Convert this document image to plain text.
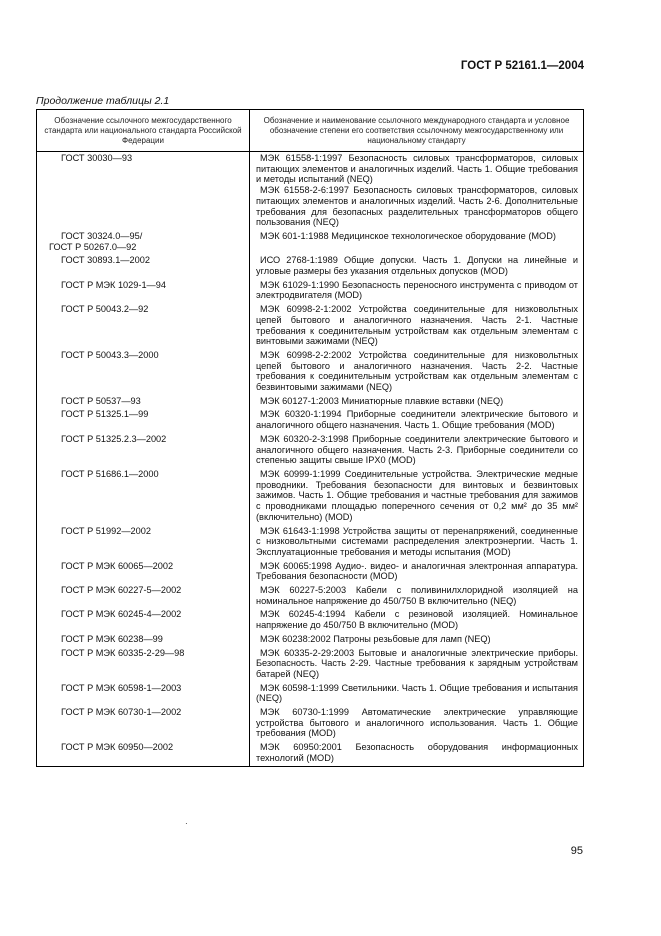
ГОСТ Р 52161.1—2004
Продолжение таблицы 2.1
Обозначение ссылочного межгосударственного стандарта или национального стандарта Российской Федерации	Обозначение и наименование ссылочного международного стандарта и условное обозначение степени его соответствия ссылочному межгосударственному или национальному стандарту

ГОСТ 30030—93	МЭК 61558-1:1997 Безопасность силовых трансформаторов, силовых питающих элементов и аналогичных изделий. Часть 1. Общие требования и методы испытаний (NEQ)
МЭК 61558-2-6:1997 Безопасность силовых трансформаторов, силовых питающих элементов и аналогичных изделий. Часть 2-6. Дополнительные требования для безопасных разделительных трансформаторов общего пользования (NEQ)

ГОСТ 30324.0—95/
ГОСТ Р 50267.0—92	МЭК 601-1:1988 Медицинское технологическое оборудование (MOD)

ГОСТ 30893.1—2002	ИСО 2768-1:1989 Общие допуски. Часть 1. Допуски на линейные и угловые размеры без указания отдельных допусков (MOD)

ГОСТ Р МЭК 1029-1—94	МЭК 61029-1:1990 Безопасность переносного инструмента с приводом от электродвигателя (MOD)

ГОСТ Р 50043.2—92	МЭК 60998-2-1:2002 Устройства соединительные для низковольтных цепей бытового и аналогичного назначения. Часть 2-1. Частные требования к соединительным устройствам как отдельным элементам с винтовыми зажимами (NEQ)

ГОСТ Р 50043.3—2000	МЭК 60998-2-2:2002 Устройства соединительные для низковольтных цепей бытового и аналогичного назначения. Часть 2-2. Частные требования к соединительным устройствам как отдельным элементам с безвинтовыми зажимами (NEQ)

ГОСТ Р 50537—93	МЭК 60127-1:2003 Миниатюрные плавкие вставки (NEQ)

ГОСТ Р 51325.1—99	МЭК 60320-1:1994 Приборные соединители электрические бытового и аналогичного общего назначения. Часть 1. Общие требования (MOD)

ГОСТ Р 51325.2.3—2002	МЭК 60320-2-3:1998 Приборные соединители электрические бытового и аналогичного общего назначения. Часть 2-3. Приборные соединители со степенью защиты свыше IPX0 (MOD)

ГОСТ Р 51686.1—2000	МЭК 60999-1:1999 Соединительные устройства. Электрические медные проводники. Требования безопасности для винтовых и безвинтовых зажимов. Часть 1. Общие требования и частные требования для зажимов с проводниками площадью поперечного сечения от 0,2 мм² до 35 мм² (включительно) (MOD)

ГОСТ Р 51992—2002	МЭК 61643-1:1998 Устройства защиты от перенапряжений, соединенные с низковольтными системами распределения электроэнергии. Часть 1. Эксплуатационные требования и методы испытания (MOD)

ГОСТ Р МЭК 60065—2002	МЭК 60065:1998 Аудио-. видео- и аналогичная электронная аппаратура. Требования безопасности (MOD)

ГОСТ Р МЭК 60227-5—2002	МЭК 60227-5:2003 Кабели с поливинилхлоридной изоляцией на номинальное напряжение до 450/750 В включительно (NEQ)

ГОСТ Р МЭК 60245-4—2002	МЭК 60245-4:1994 Кабели с резиновой изоляцией. Номинальное напряжение до 450/750 В включительно (MOD)

ГОСТ Р МЭК 60238—99	МЭК 60238:2002 Патроны резьбовые для ламп (NEQ)

ГОСТ Р МЭК 60335-2-29—98	МЭК 60335-2-29:2003 Бытовые и аналогичные электрические приборы. Безопасность. Часть 2-29. Частные требования к зарядным устройствам батарей (NEQ)

ГОСТ Р МЭК 60598-1—2003	МЭК 60598-1:1999 Светильники. Часть 1. Общие требования и испытания (NEQ)

ГОСТ Р МЭК 60730-1—2002	МЭК 60730-1:1999 Автоматические электрические управляющие устройства бытового и аналогичного использования. Часть 1. Общие требования (MOD)

ГОСТ Р МЭК 60950—2002	МЭК 60950:2001 Безопасность оборудования информационных технологий (MOD)
·
95
